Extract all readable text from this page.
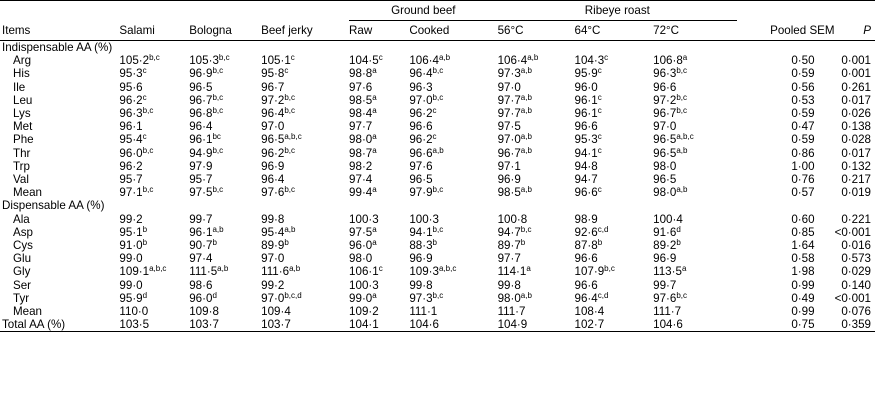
				Ground beef		Ribeye roast				
Items	Salami	Bologna	Beef jerky	Raw	Cooked	56°C	64°C	72°C	Pooled SEM	P
Indispensable AA (%)										
Arg	$105\cdot 2^{b,c}$	$105\cdot 3^{b,c}$	$105\cdot 1^c$	$104\cdot 5^c$	$106\cdot 4^{a,b}$	$106\cdot 4^{a,b}$	$104\cdot 3^c$	$106\cdot 8^a$	0·50	0·001
His	$95\cdot 3^c$	$96\cdot 9^{b,c}$	$95\cdot 8^c$	$98\cdot 8^a$	$96\cdot 4^{b,c}$	$97\cdot 3^{a,b}$	$95\cdot 9^c$	$96\cdot 3^{b,c}$	0·59	0·001
Ile	95·6	96·5	96·7	97·6	96·3	97·0	96·0	96·6	0·56	0·261
Leu	$96\cdot 2^c$	$96\cdot 7^{b,c}$	$97\cdot 2^{b,c}$	$98\cdot 5^a$	$97\cdot 0^{b,c}$	$97\cdot 7^{a,b}$	$96\cdot 1^c$	$97\cdot 2^{b,c}$	0·53	0·017
Lys	$96\cdot 3^{b,c}$	$96\cdot 8^{b,c}$	$96\cdot 4^{b,c}$	$98\cdot 4^a$	$96\cdot 2^c$	$97\cdot 7^{a,b}$	$96\cdot 1^c$	$96\cdot 7^{b,c}$	0·59	0·026
Met	96·1	96·4	97·0	97·7	96·6	97·5	96·6	97·0	0·47	0·138
Phe	$95\cdot 4^c$	$96\cdot 1^{bc}$	$96\cdot 5^{a,b,c}$	$98\cdot 0^a$	$96\cdot 2^c$	$97\cdot 0^{a,b}$	$95\cdot 3^c$	$96\cdot 5^{a,b,c}$	0·59	0·028
Thr	$96\cdot 0^{b,c}$	$94\cdot 9^{b,c}$	$96\cdot 2^{b,c}$	$98\cdot 7^a$	$96\cdot 6^{a,b}$	$96\cdot 7^{a,b}$	$94\cdot 1^c$	$96\cdot 5^{a,b}$	0·86	0·017
Trp	96·2	97·9	96·9	98·2	97·6	97·1	94·8	98·0	1·00	0·132
Val	95·7	95·7	96·4	97·4	96·5	96·9	94·7	96·5	0·76	0·217
Mean	$97\cdot 1^{b,c}$	$97\cdot 5^{b,c}$	$97\cdot 6^{b,c}$	$99\cdot 4^a$	$97\cdot 9^{b,c}$	$98\cdot 5^{a,b}$	$96\cdot 6^c$	$98\cdot 0^{a,b}$	0·57	0·019
Dispensable AA (%)										
Ala	99·2	99·7	99·8	100·3	100·3	100·8	98·9	100·4	0·60	0·221
Asp	$95\cdot 1^b$	$96\cdot 1^{a,b}$	$95\cdot 4^{a,b}$	$97\cdot 5^a$	$94\cdot 1^{b,c}$	$94\cdot 7^{b,c}$	$92\cdot 6^{c,d}$	$91\cdot 6^d$	0·85	<0·001
Cys	$91\cdot 0^b$	$90\cdot 7^b$	$89\cdot 9^b$	$96\cdot 0^a$	$88\cdot 3^b$	$89\cdot 7^b$	$87\cdot 8^b$	$89\cdot 2^b$	1·64	0·016
Glu	99·0	97·4	97·0	98·0	96·9	97·7	96·6	96·9	0·58	0·573
Gly	$109\cdot 1^{a,b,c}$	$111\cdot 5^{a,b}$	$111\cdot 6^{a,b}$	$106\cdot 1^c$	$109\cdot 3^{a,b,c}$	$114\cdot 1^a$	$107\cdot 9^{b,c}$	$113\cdot 5^a$	1·98	0·029
Ser	99·0	98·6	99·2	100·3	99·8	99·8	96·6	99·7	0·99	0·140
Tyr	$95\cdot 9^d$	$96\cdot 0^d$	$97\cdot 0^{b,c,d}$	$99\cdot 0^a$	$97\cdot 3^{b,c}$	$98\cdot 0^{a,b}$	$96\cdot 4^{c,d}$	$97\cdot 6^{b,c}$	0·49	<0·001
Mean	110·0	109·8	109·4	109·2	111·1	111·7	108·4	111·7	0·99	0·076
Total AA (%)	103·5	103·7	103·7	104·1	104·6	104·9	102·7	104·6	0·75	0·359
